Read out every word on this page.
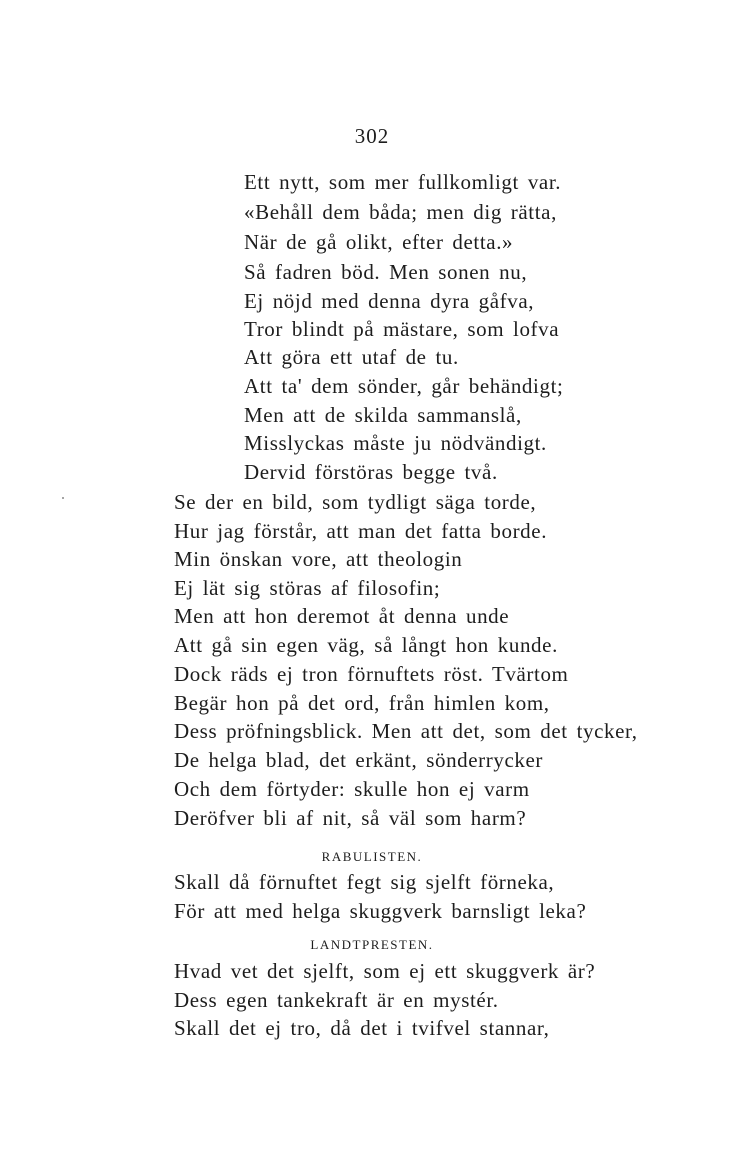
302
Ett nytt, som mer fullkomligt var.
«Behåll dem båda; men dig rätta,
När de gå olikt, efter detta.»
Så fadren böd. Men sonen nu,
Ej nöjd med denna dyra gåfva,
Tror blindt på mästare, som lofva
Att göra ett utaf de tu.
Att ta' dem sönder, går behändigt;
Men att de skilda sammanslå,
Misslyckas måste ju nödvändigt.
Dervid förstöras begge två.
Se der en bild, som tydligt säga torde,
Hur jag förstår, att man det fatta borde.
Min önskan vore, att theologin
Ej lät sig störas af filosofin;
Men att hon deremot åt denna unde
Att gå sin egen väg, så långt hon kunde.
Dock räds ej tron förnuftets röst. Tvärtom
Begär hon på det ord, från himlen kom,
Dess pröfningsblick. Men att det, som det tycker,
De helga blad, det erkänt, sönderrycker
Och dem förtyder: skulle hon ej varm
Deröfver bli af nit, så väl som harm?
RABULISTEN.
Skall då förnuftet fegt sig sjelft förneka,
För att med helga skuggverk barnsligt leka?
LANDTPRESTEN.
Hvad vet det sjelft, som ej ett skuggverk är?
Dess egen tankekraft är en mystér.
Skall det ej tro, då det i tvifvel stannar,
